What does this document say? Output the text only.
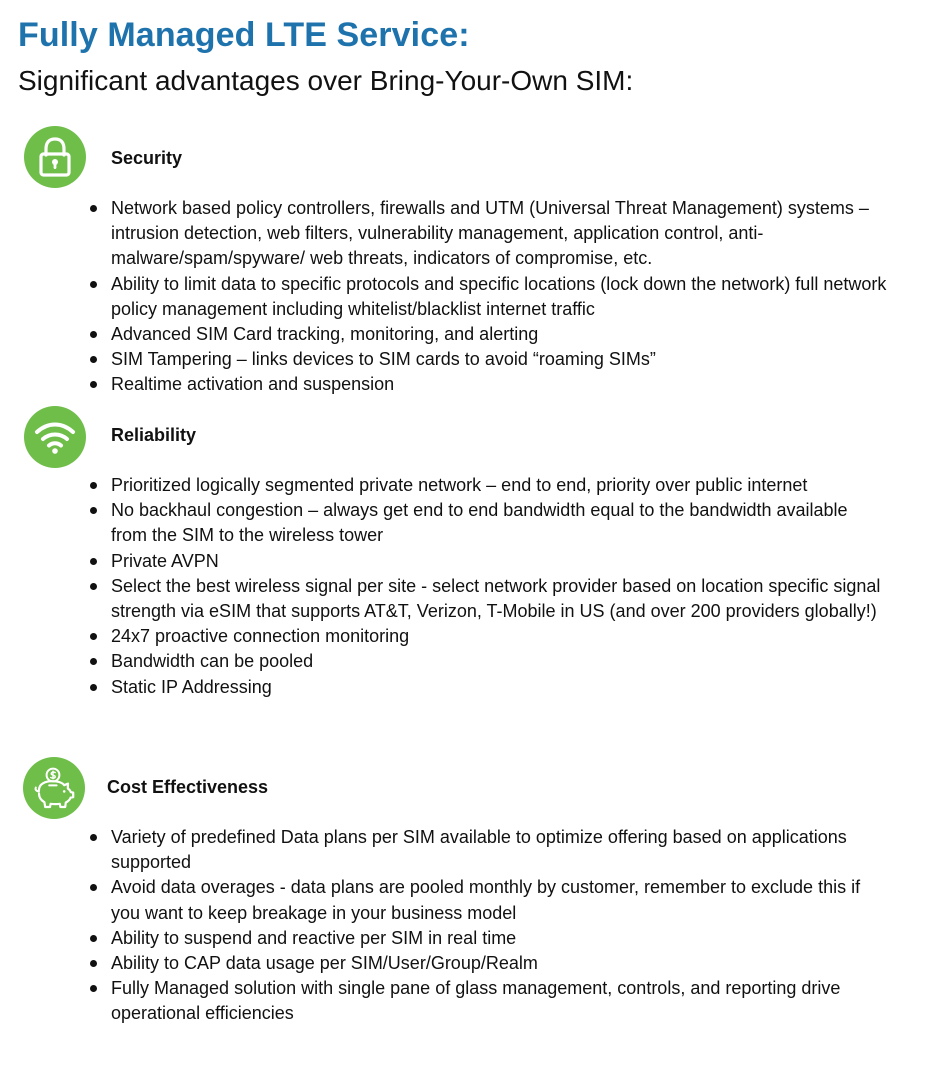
Fully Managed LTE Service:
Significant advantages over Bring-Your-Own SIM:
Security
Network based policy controllers, firewalls and UTM (Universal Threat Management) systems – intrusion detection, web filters, vulnerability management, application control, anti-malware/spam/spyware/ web threats, indicators of compromise, etc.
Ability to limit data to specific protocols and specific locations (lock down the network) full network policy management including whitelist/blacklist internet traffic
Advanced SIM Card tracking, monitoring, and alerting
SIM Tampering – links devices to SIM cards to avoid “roaming SIMs”
Realtime activation and suspension
Reliability
Prioritized logically segmented private network – end to end, priority over public internet
No backhaul congestion – always get end to end bandwidth equal to the bandwidth available from the SIM to the wireless tower
Private AVPN
Select the best wireless signal per site - select network provider based on location specific signal strength via eSIM that supports AT&T, Verizon, T-Mobile in US (and over 200 providers globally!)
24x7 proactive connection monitoring
Bandwidth can be pooled
Static IP Addressing
Cost Effectiveness
Variety of predefined Data plans per SIM available to optimize offering based on applications supported
Avoid data overages - data plans are pooled monthly by customer, remember to exclude this if you want to keep breakage in your business model
Ability to suspend and reactive per SIM in real time
Ability to CAP data usage per SIM/User/Group/Realm
Fully Managed solution with single pane of glass management, controls, and reporting drive operational efficiencies
